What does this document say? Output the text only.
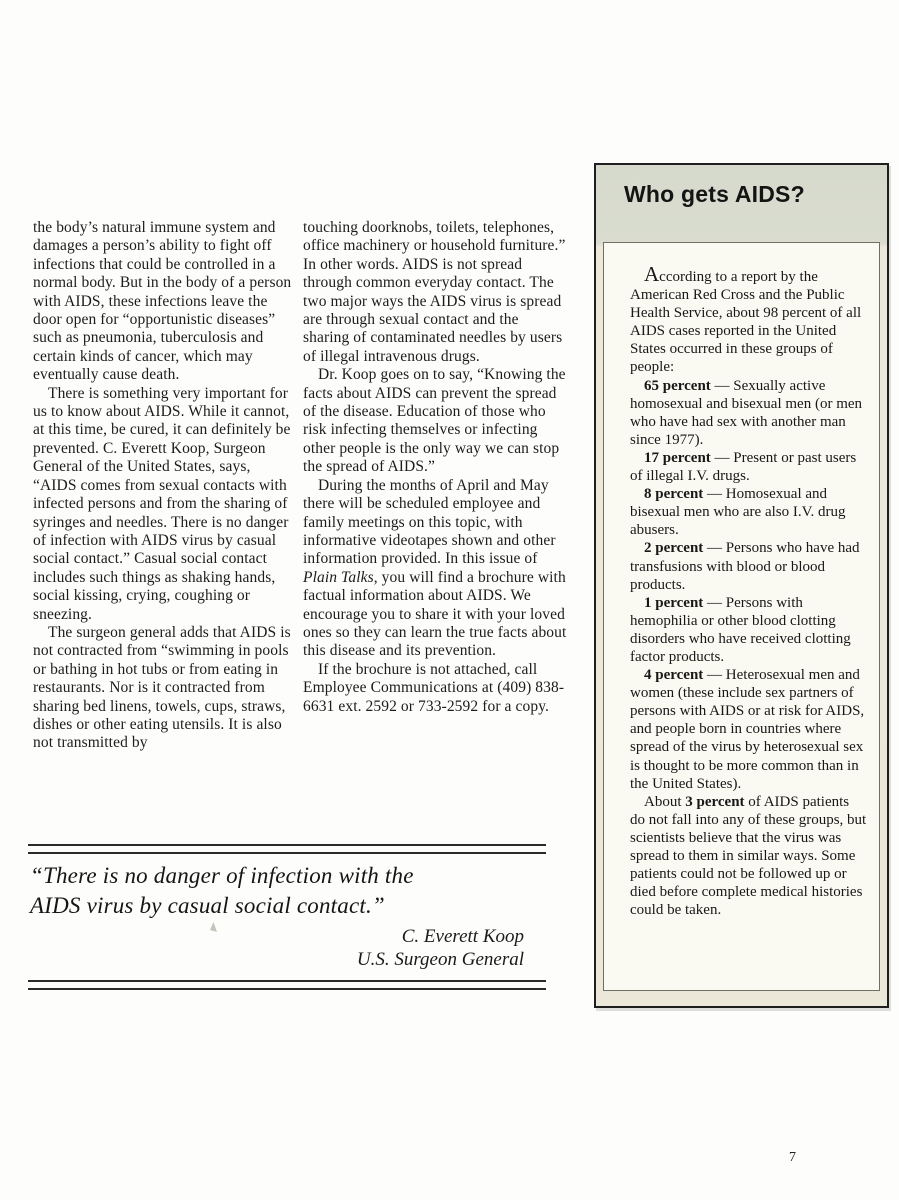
the body’s natural immune system and damages a person’s ability to fight off infections that could be controlled in a normal body. But in the body of a person with AIDS, these infections leave the door open for “opportunistic diseases” such as pneumonia, tuberculosis and certain kinds of cancer, which may eventually cause death.

There is something very important for us to know about AIDS. While it cannot, at this time, be cured, it can definitely be prevented. C. Everett Koop, Surgeon General of the United States, says, “AIDS comes from sexual contacts with infected persons and from the sharing of syringes and needles. There is no danger of infection with AIDS virus by casual social contact.” Casual social contact includes such things as shaking hands, social kissing, crying, coughing or sneezing.

The surgeon general adds that AIDS is not contracted from “swimming in pools or bathing in hot tubs or from eating in restaurants. Nor is it contracted from sharing bed linens, towels, cups, straws, dishes or other eating utensils. It is also not transmitted by

touching doorknobs, toilets, telephones, office machinery or household furniture.” In other words. AIDS is not spread through common everyday contact. The two major ways the AIDS virus is spread are through sexual contact and the sharing of contaminated needles by users of illegal intravenous drugs.

Dr. Koop goes on to say, “Knowing the facts about AIDS can prevent the spread of the disease. Education of those who risk infecting themselves or infecting other people is the only way we can stop the spread of AIDS.”

During the months of April and May there will be scheduled employee and family meetings on this topic, with informative videotapes shown and other information provided. In this issue of Plain Talks, you will find a brochure with factual information about AIDS. We encourage you to share it with your loved ones so they can learn the true facts about this disease and its prevention.

If the brochure is not attached, call Employee Communications at (409) 838-6631 ext. 2592 or 733-2592 for a copy.

Who gets AIDS?

According to a report by the American Red Cross and the Public Health Service, about 98 percent of all AIDS cases reported in the United States occurred in these groups of people:

65 percent — Sexually active homosexual and bisexual men (or men who have had sex with another man since 1977).

17 percent — Present or past users of illegal I.V. drugs.

8 percent — Homosexual and bisexual men who are also I.V. drug abusers.

2 percent — Persons who have had transfusions with blood or blood products.

1 percent — Persons with hemophilia or other blood clotting disorders who have received clotting factor products.

4 percent — Heterosexual men and women (these include sex partners of persons with AIDS or at risk for AIDS, and people born in countries where spread of the virus by heterosexual sex is thought to be more common than in the United States).

About 3 percent of AIDS patients do not fall into any of these groups, but scientists believe that the virus was spread to them in similar ways. Some patients could not be followed up or died before complete medical histories could be taken.

“There is no danger of infection with the
AIDS virus by casual social contact.”
C. Everett Koop
U.S. Surgeon General
7
